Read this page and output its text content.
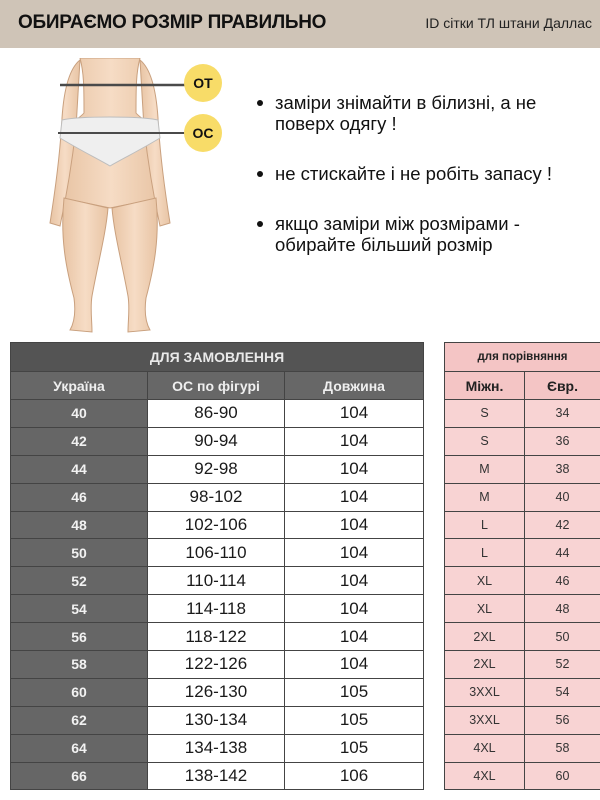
ОБИРАЄМО РОЗМІР ПРАВИЛЬНО	ID сітки ТЛ штани Даллас
ОТ
ОС
заміри знімайти в білизні, а не поверх одягу !
не стискайте і не робіть запасу !
якщо заміри між розмірами - обирайте більший розмір
ДЛЯ ЗАМОВЛЕННЯ		
Україна	ОС по фігурі	Довжина
40	86-90	104
42	90-94	104
44	92-98	104
46	98-102	104
48	102-106	104
50	106-110	104
52	110-114	104
54	114-118	104
56	118-122	104
58	122-126	104
60	126-130	105
62	130-134	105
64	134-138	105
66	138-142	106
для порівняння	
Міжн.	Євр.
S	34
S	36
M	38
M	40
L	42
L	44
XL	46
XL	48
2XL	50
2XL	52
3XXL	54
3XXL	56
4XL	58
4XL	60
